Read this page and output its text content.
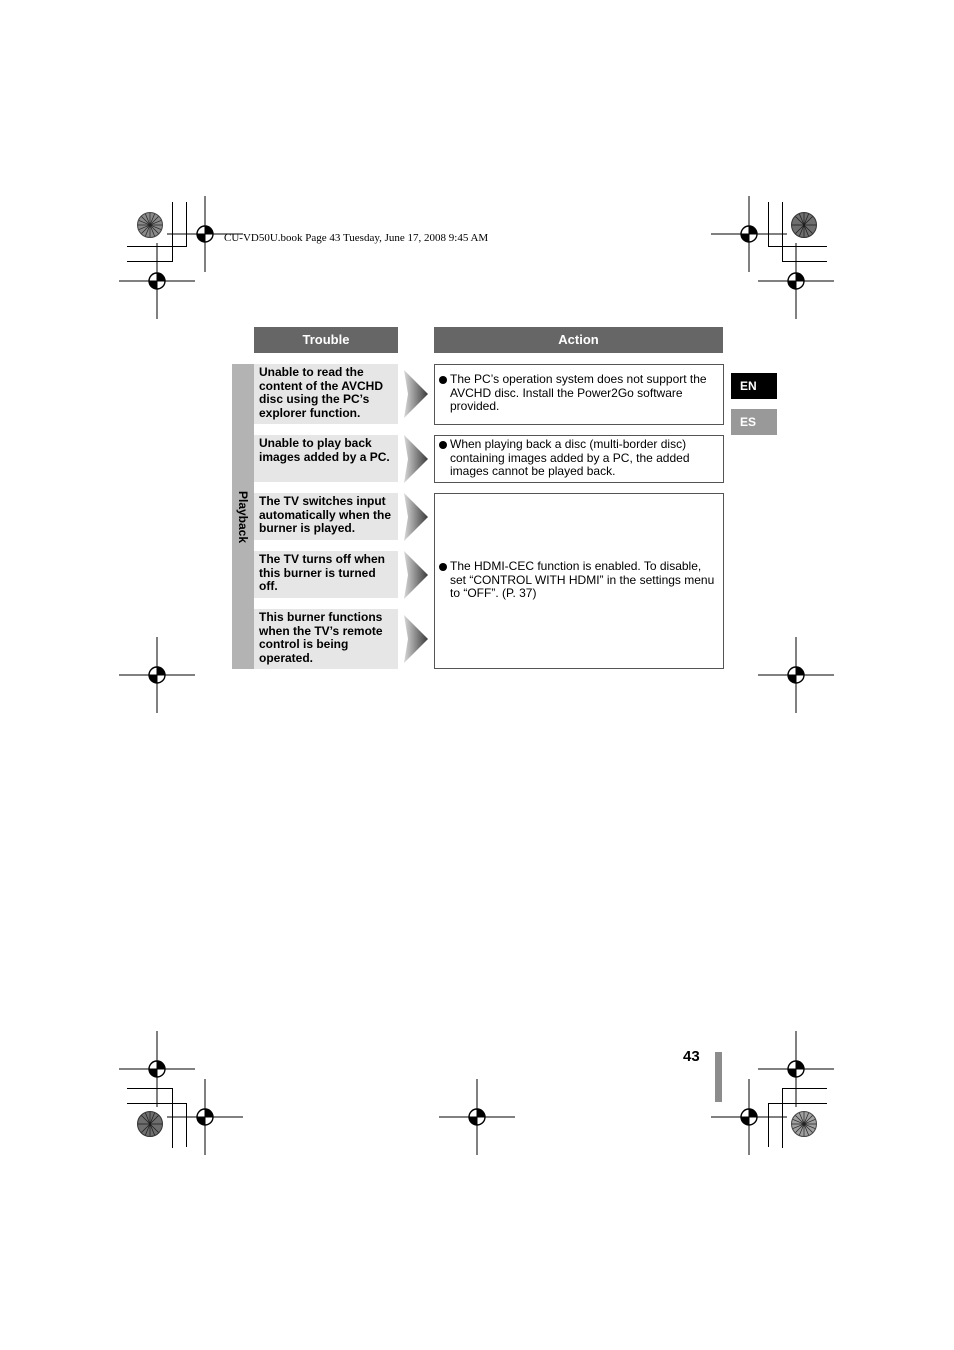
CU-VD50U.book Page 43 Tuesday, June 17, 2008 9:45 AM
Trouble	Action
Playback
Unable to read the content of the AVCHD disc using the PC’s explorer function.
Unable to play back images added by a PC.
The TV switches input automatically when the burner is played.
The TV turns off when this burner is turned off.
This burner functions when the TV’s remote control is being operated.
The PC’s operation system does not support the AVCHD disc. Install the Power2Go software provided.
When playing back a disc (multi-border disc) containing images added by a PC, the added images cannot be played back.
The HDMI-CEC function is enabled. To disable, set “CONTROL WITH HDMI” in the settings menu to “OFF”. (P. 37)
EN
ES
43
